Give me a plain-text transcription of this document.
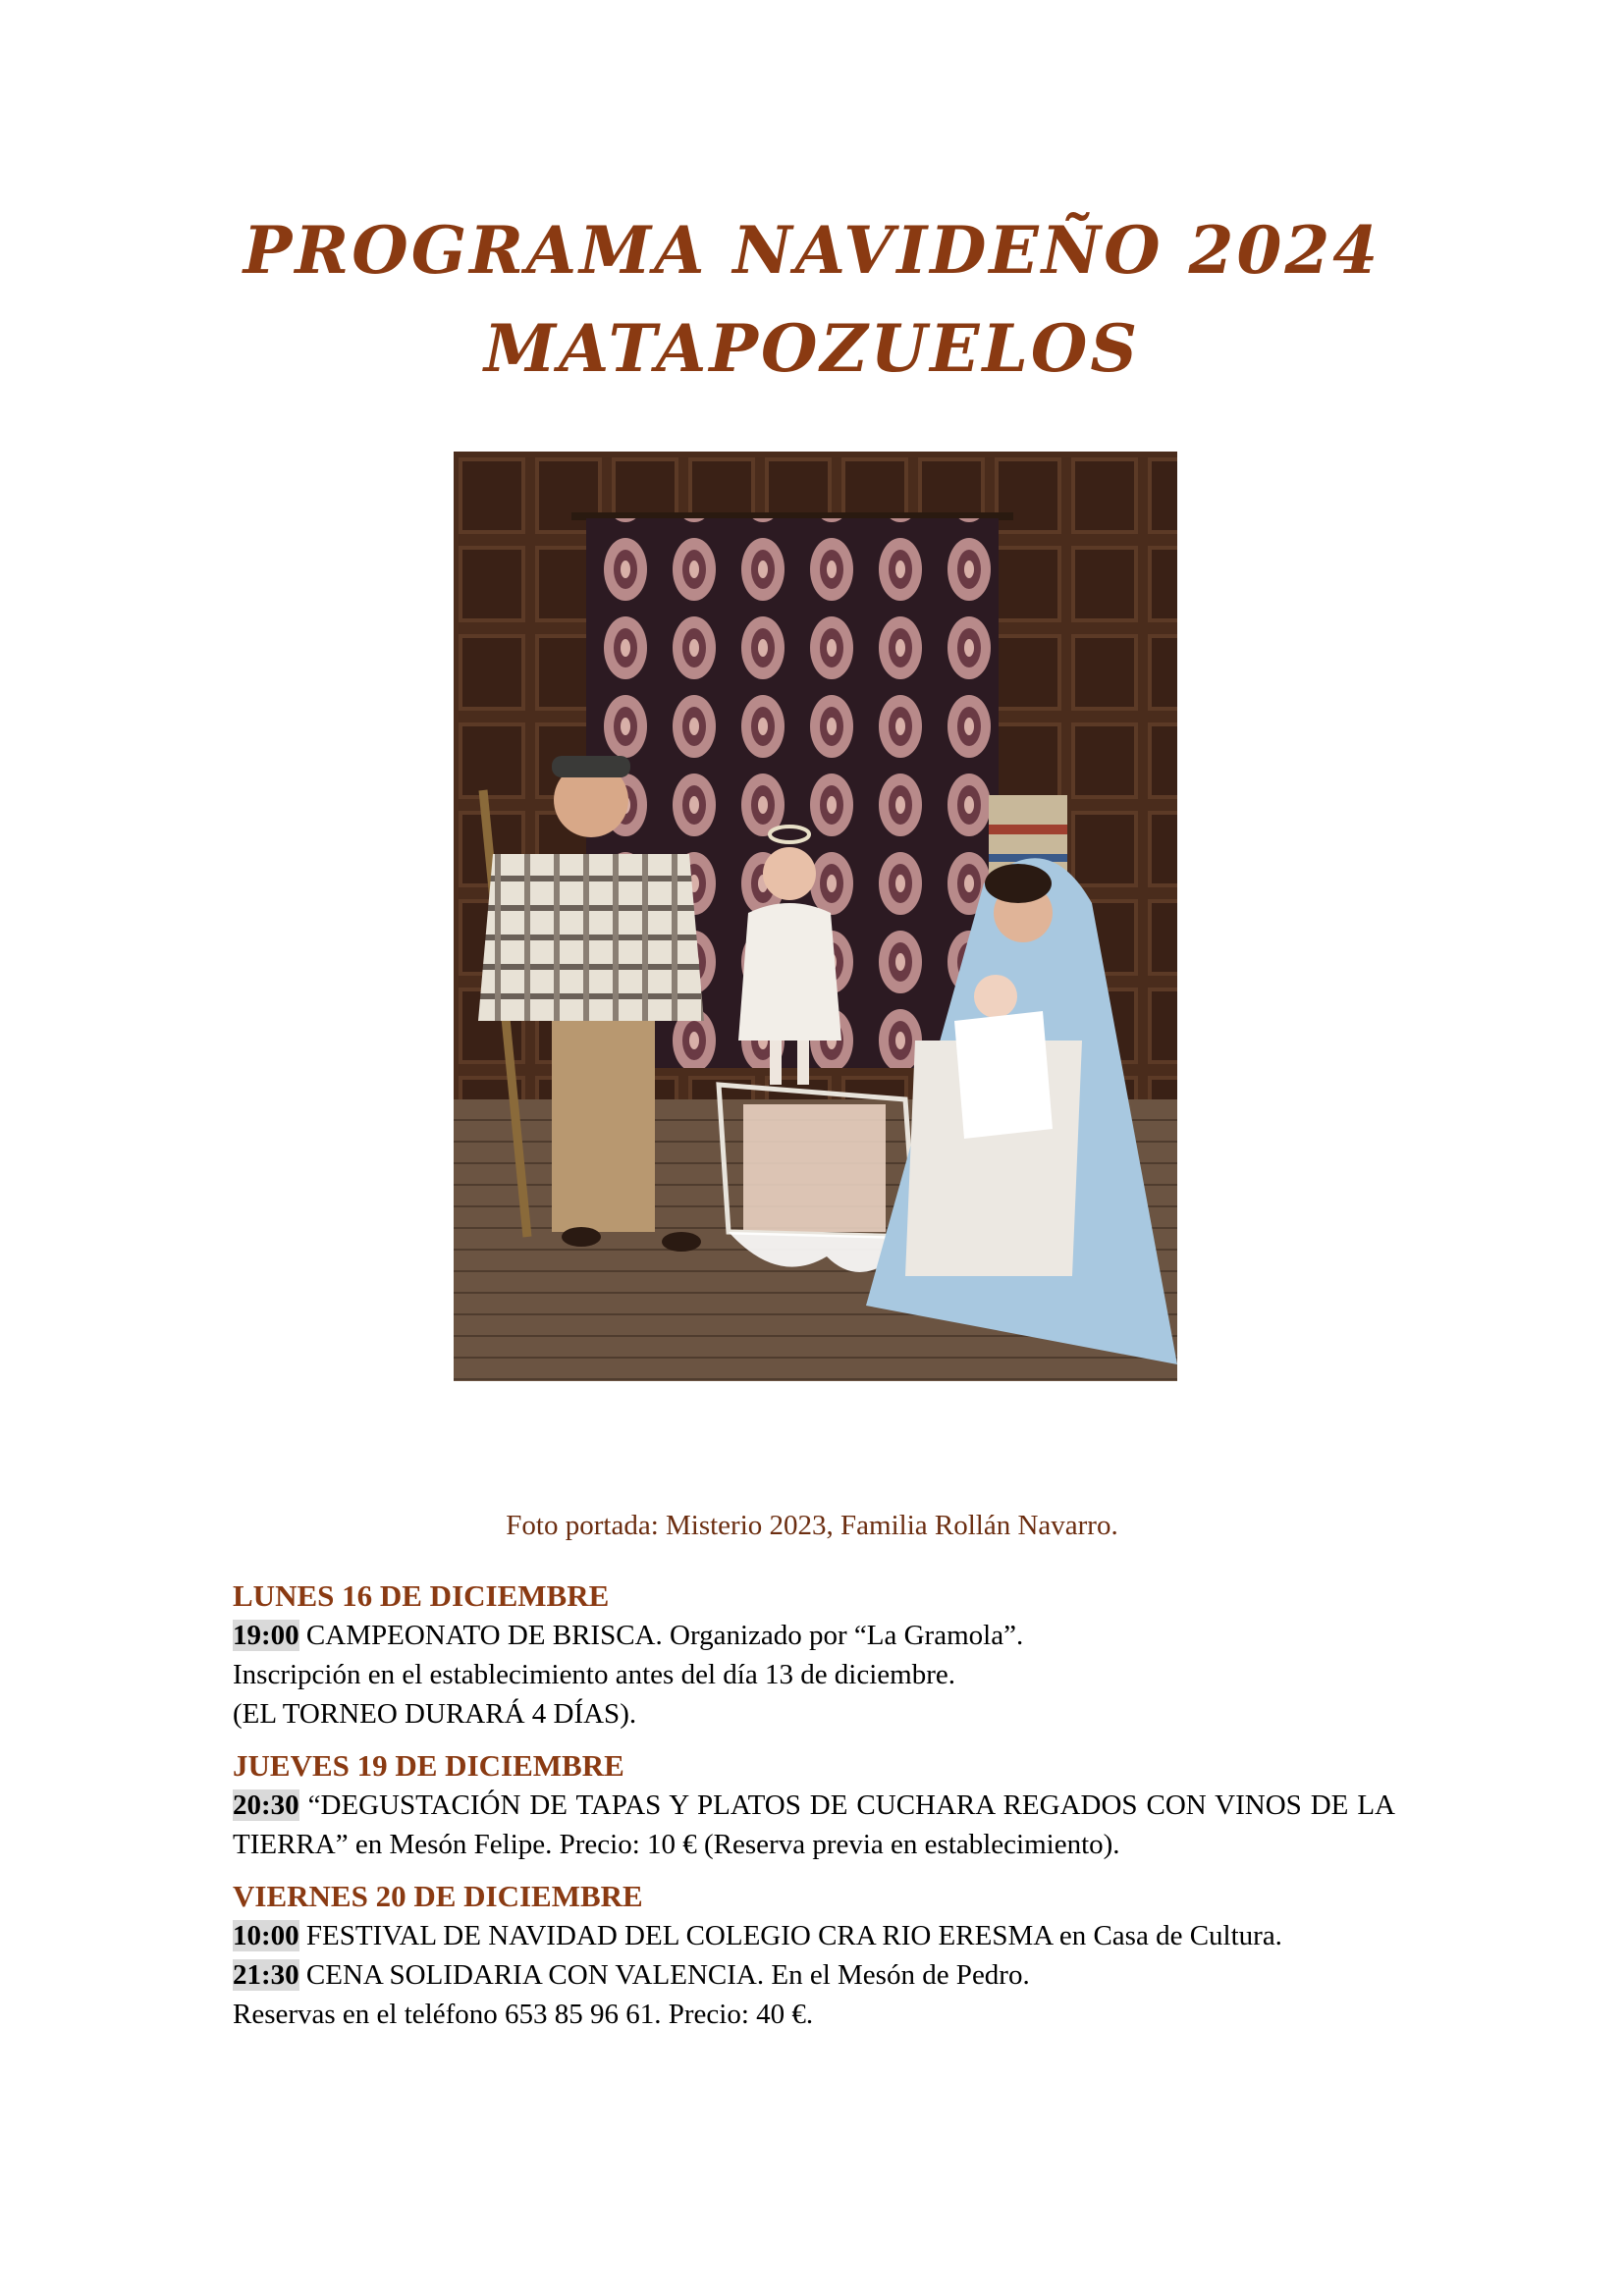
PROGRAMA NAVIDEÑO 2024
MATAPOZUELOS
Foto portada: Misterio 2023, Familia Rollán Navarro.
LUNES 16 DE DICIEMBRE
19:00 CAMPEONATO DE BRISCA. Organizado por “La Gramola”.
Inscripción en el establecimiento antes del día 13 de diciembre.
(EL TORNEO DURARÁ 4 DÍAS).
JUEVES 19 DE DICIEMBRE
20:30 “DEGUSTACIÓN DE TAPAS Y PLATOS DE CUCHARA REGADOS CON VINOS DE LA TIERRA” en Mesón Felipe. Precio: 10 € (Reserva previa en establecimiento).
VIERNES 20 DE DICIEMBRE
10:00 FESTIVAL DE NAVIDAD DEL COLEGIO CRA RIO ERESMA en Casa de Cultura.
21:30 CENA SOLIDARIA CON VALENCIA. En el Mesón de Pedro.
Reservas en el teléfono 653 85 96 61. Precio: 40 €.
